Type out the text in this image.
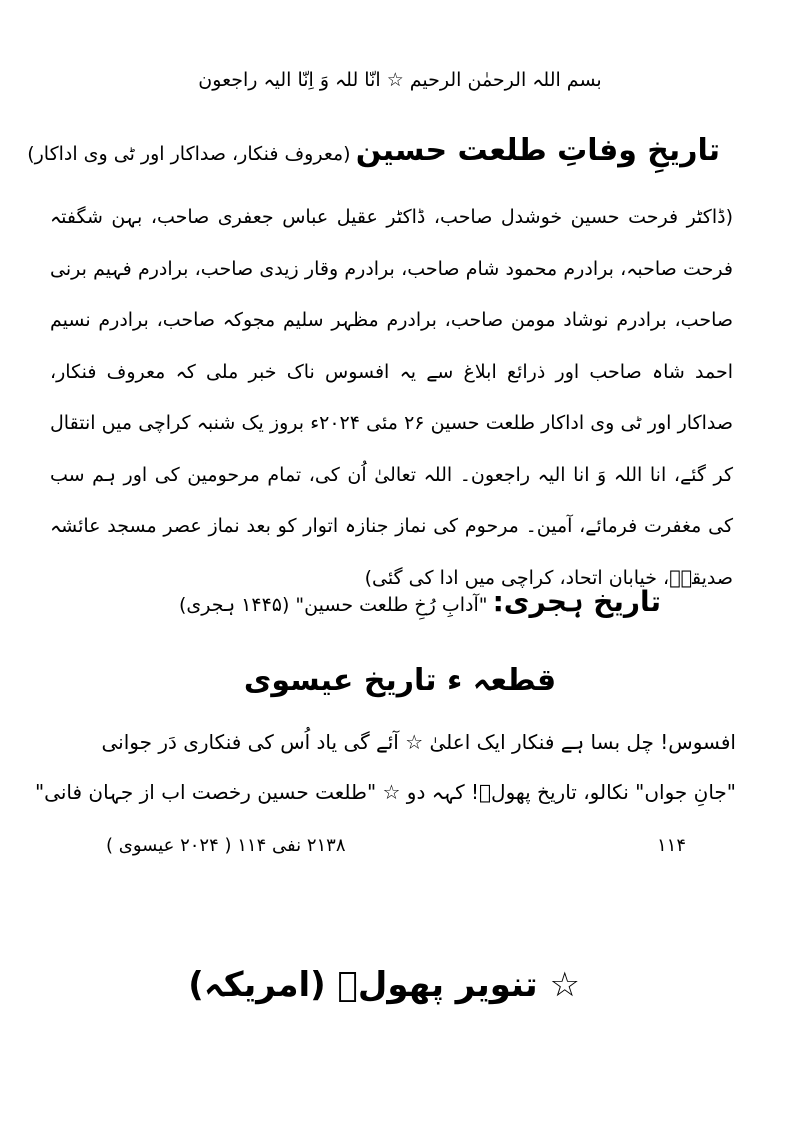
بسم اللہ الرحمٰن الرحیم ☆ انّا للہ وَ اِنّا الیہ راجعون
تاریخِ وفاتِ طلعت حسین (معروف فنکار، صداکار اور ٹی وی اداکار)
(ڈاکٹر فرحت حسین خوشدل صاحب، ڈاکٹر عقیل عباس جعفری صاحب، بہن شگفتہ فرحت صاحبہ، برادرم محمود شام صاحب، برادرم وقار زیدی صاحب، برادرم فہیم برنی صاحب، برادرم نوشاد مومن صاحب، برادرم مظہر سلیم مجوکہ صاحب، برادرم نسیم احمد شاہ صاحب اور ذرائع ابلاغ سے یہ افسوس ناک خبر ملی کہ معروف فنکار، صداکار اور ٹی وی اداکار طلعت حسین ۲۶ مئی ۲۰۲۴ء بروز یک شنبہ کراچی میں انتقال کر گئے، انا اللہ وَ انا الیہ راجعون۔ اللہ تعالیٰ اُن کی، تمام مرحومین کی اور ہم سب کی مغفرت فرمائے، آمین۔ مرحوم کی نماز جنازہ اتوار کو بعد نماز عصر مسجد عائشہ صدیقہؓ، خیابان اتحاد، کراچی میں ادا کی گئی)
تاریخ ہجری: "آدابِ رُخِ طلعت حسین" (۱۴۴۵ ہجری)
قطعہ ء تاریخ عیسوی
افسوس! چل بسا ہے فنکار ایک اعلیٰ ☆ آئے گی یاد اُس کی فنکاری دَر جوانی
"جانِ جواں" نکالو، تاریخ پھولؔ! کہہ دو ☆ "طلعت حسین رخصت اب از جہان فانی"
۱۱۴
۲۱۳۸ نفی ۱۱۴ ( ۲۰۲۴ عیسوی )
☆ تنویر پھولؔ (امریکہ)
